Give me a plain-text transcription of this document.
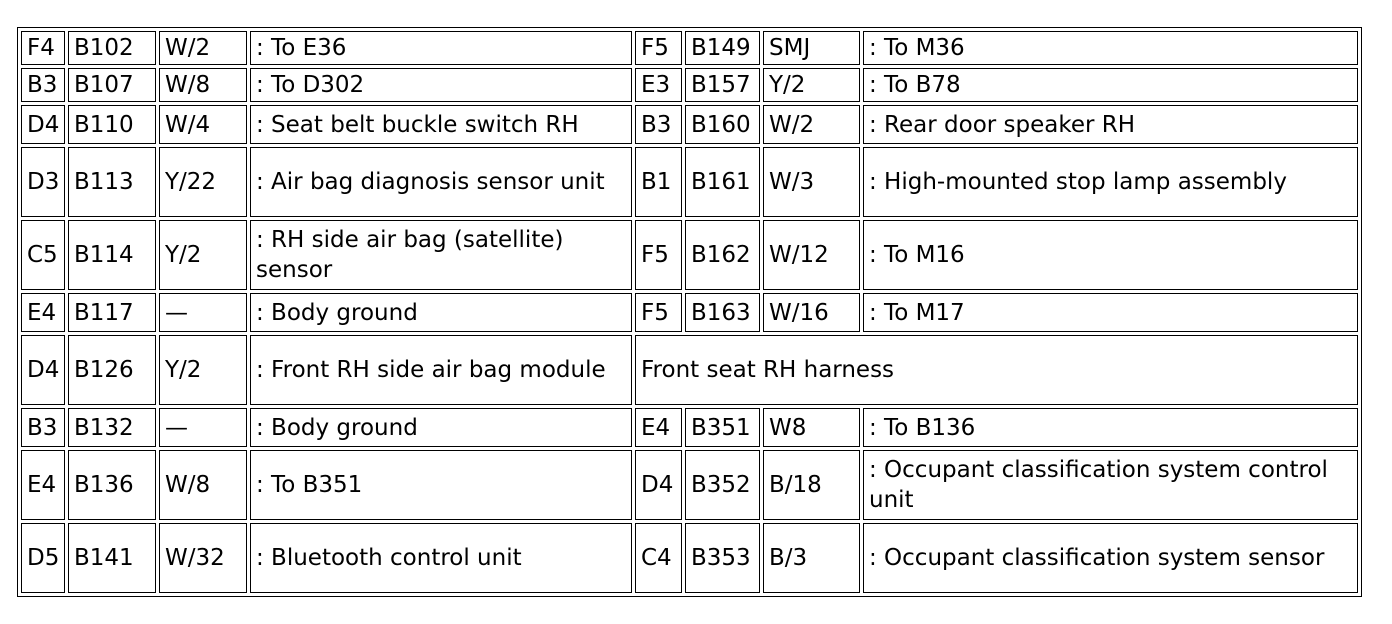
F4	B102	W/2	: To E36	F5	B149	SMJ	: To M36
B3	B107	W/8	: To D302	E3	B157	Y/2	: To B78
D4	B110	W/4	: Seat belt buckle switch RH	B3	B160	W/2	: Rear door speaker RH
D3	B113	Y/22	: Air bag diagnosis sensor unit	B1	B161	W/3	: High-mounted stop lamp assembly
C5	B114	Y/2	: RH side air bag (satellite) sensor	F5	B162	W/12	: To M16
E4	B117	—	: Body ground	F5	B163	W/16	: To M17
D4	B126	Y/2	: Front RH side air bag module	Front seat RH harness			
B3	B132	—	: Body ground	E4	B351	W8	: To B136
E4	B136	W/8	: To B351	D4	B352	B/18	: Occupant classification system control unit
D5	B141	W/32	: Bluetooth control unit	C4	B353	B/3	: Occupant classification system sensor
